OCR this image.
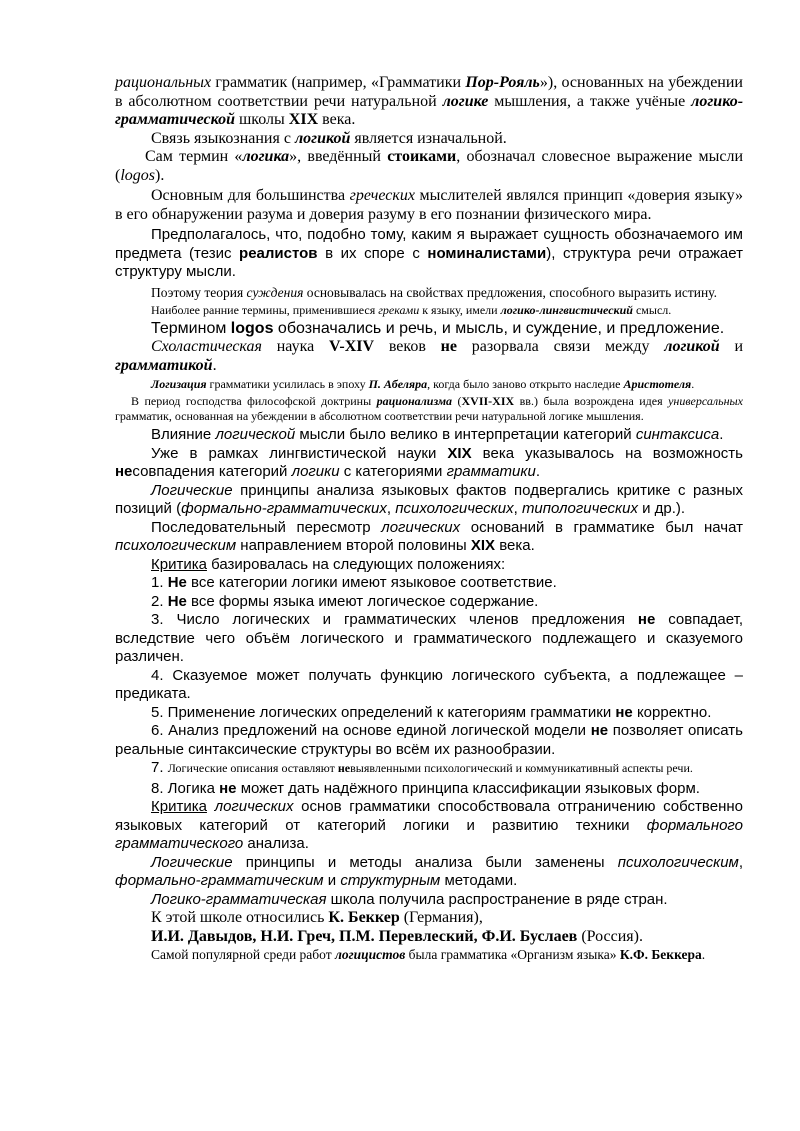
рациональных грамматик (например, «Грамматики Пор-Рояль»), основанных на убеждении в абсолютном соответствии речи натуральной логике мышления, а также учёные логико-грамматической школы XIX века.

Связь языкознания с логикой является изначальной.

Сам термин «логика», введённый стоиками, обозначал словесное выражение мысли (logos).

Основным для большинства греческих мыслителей являлся принцип «доверия языку» в его обнаружении разума и доверия разуму в его познании физического мира.

Предполагалось, что, подобно тому, каким я выражает сущность обозначаемого им предмета (тезис реалистов в их споре с номиналистами), структура речи отражает структуру мысли.

Поэтому теория суждения основывалась на свойствах предложения, способного выразить истину.

Наиболее ранние термины, применившиеся греками к языку, имели логико-лингвистический смысл.

Термином logos обозначались и речь, и мысль, и суждение, и предложение.

Схоластическая наука V-XIV веков не разорвала связи между логикой и грамматикой.

Логизация грамматики усилилась в эпоху П. Абеляра, когда было заново открыто наследие Аристотеля.

В период господства философской доктрины рационализма (XVII-XIX вв.) была возрождена идея универсальных грамматик, основанная на убеждении в абсолютном соответствии речи натуральной логике мышления.

Влияние логической мысли было велико в интерпретации категорий синтаксиса.

Уже в рамках лингвистической науки XIX века указывалось на возможность несовпадения категорий логики с категориями грамматики.

Логические принципы анализа языковых фактов подвергались критике с разных позиций (формально-грамматических, психологических, типологических и др.).

Последовательный пересмотр логических оснований в грамматике был начат психологическим направлением второй половины XIX века.

Критика базировалась на следующих положениях:

1. Не все категории логики имеют языковое соответствие.

2. Не все формы языка имеют логическое содержание.

3. Число логических и грамматических членов предложения не совпадает, вследствие чего объём логического и грамматического подлежащего и сказуемого различен.

4. Сказуемое может получать функцию логического субъекта, а подлежащее – предиката.

5. Применение логических определений к категориям грамматики не корректно.

6. Анализ предложений на основе единой логической модели не позволяет описать реальные синтаксические структуры во всём их разнообразии.

7. Логические описания оставляют невыявленными психологический и коммуникативный аспекты речи.

8. Логика не может дать надёжного принципа классификации языковых форм.

Критика логических основ грамматики способствовала отграничению собственно языковых категорий от категорий логики и развитию техники формального грамматического анализа.

Логические принципы и методы анализа были заменены психологическим, формально-грамматическим и структурным методами.

Логико-грамматическая школа получила распространение в ряде стран.

К этой школе относились К. Беккер (Германия),

И.И. Давыдов, Н.И. Греч, П.М. Перевлеский, Ф.И. Буслаев (Россия).

Самой популярной среди работ логицистов была грамматика «Организм языка» К.Ф. Беккера.
